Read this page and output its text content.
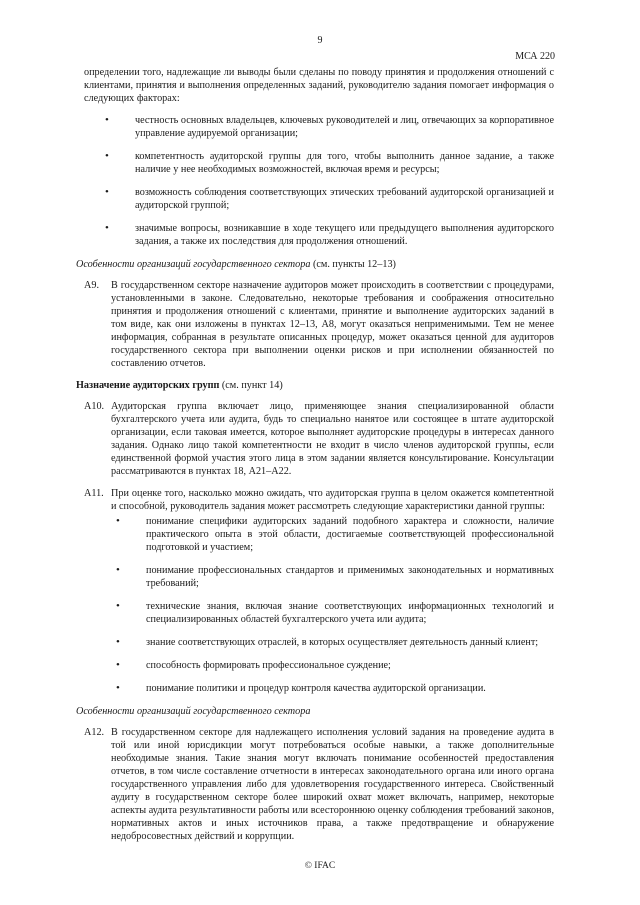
9
МСА 220

определении того, надлежащие ли выводы были сделаны по поводу принятия и продолжения отношений с клиентами, принятия и выполнения определенных заданий, руководителю задания помогает информация о следующих факторах:

• честность основных владельцев, ключевых руководителей и лиц, отвечающих за корпоративное управление аудируемой организации;
• компетентность аудиторской группы для того, чтобы выполнить данное задание, а также наличие у нее необходимых возможностей, включая время и ресурсы;
• возможность соблюдения соответствующих этических требований аудиторской организацией и аудиторской группой;
• значимые вопросы, возникавшие в ходе текущего или предыдущего выполнения аудиторского задания, а также их последствия для продолжения отношений.
Особенности организаций государственного сектора (см. пункты 12–13)
A9. В государственном секторе назначение аудиторов может происходить в соответствии с процедурами, установленными в законе. Следовательно, некоторые требования и соображения относительно принятия и продолжения отношений с клиентами, принятие и выполнение аудиторских заданий в том виде, как они изложены в пунктах 12–13, A8, могут оказаться неприменимыми. Тем не менее информация, собранная в результате описанных процедур, может оказаться ценной для аудиторов государственного сектора при выполнении оценки рисков и при исполнении обязанностей по составлению отчетов.
Назначение аудиторских групп (см. пункт 14)
A10. Аудиторская группа включает лицо, применяющее знания специализированной области бухгалтерского учета или аудита, будь то специально нанятое или состоящее в штате аудиторской организации, если таковая имеется, которое выполняет аудиторские процедуры в интересах данного задания. Однако лицо такой компетентности не входит в число членов аудиторской группы, если единственной формой участия этого лица в этом задании является консультирование. Консультации рассматриваются в пунктах 18, A21–A22.
A11. При оценке того, насколько можно ожидать, что аудиторская группа в целом окажется компетентной и способной, руководитель задания может рассмотреть следующие характеристики данной группы:
• понимание специфики аудиторских заданий подобного характера и сложности, наличие практического опыта в этой области, достигаемые соответствующей профессиональной подготовкой и участием;
• понимание профессиональных стандартов и применимых законодательных и нормативных требований;
• технические знания, включая знание соответствующих информационных технологий и специализированных областей бухгалтерского учета или аудита;
• знание соответствующих отраслей, в которых осуществляет деятельность данный клиент;
• способность формировать профессиональное суждение;
• понимание политики и процедур контроля качества аудиторской организации.
Особенности организаций государственного сектора
A12. В государственном секторе для надлежащего исполнения условий задания на проведение аудита в той или иной юрисдикции могут потребоваться особые навыки, а также дополнительные необходимые знания. Такие знания могут включать понимание особенностей предоставления отчетов, в том числе составление отчетности в интересах законодательного органа или иного органа государственного управления либо для удовлетворения государственного интереса. Свойственный аудиту в государственном секторе более широкий охват может включать, например, некоторые аспекты аудита результативности работы или всестороннюю оценку соблюдения требований законов, нормативных актов и иных источников права, а также предотвращение и обнаружение недобросовестных действий и коррупции.
© IFAC
